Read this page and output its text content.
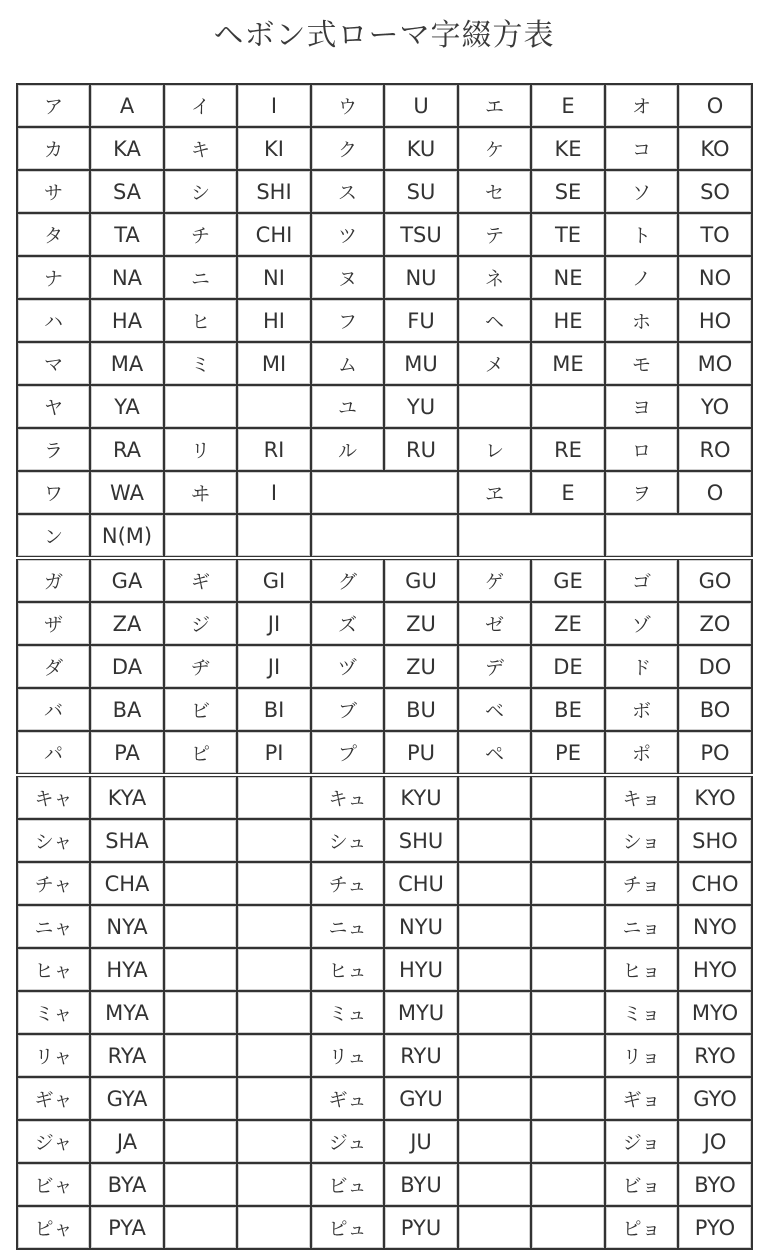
ヘボン式ローマ字綴方表
ア	A	イ	I	ウ	U	エ	E	オ	O
カ	KA	キ	KI	ク	KU	ケ	KE	コ	KO
サ	SA	シ	SHI	ス	SU	セ	SE	ソ	SO
タ	TA	チ	CHI	ツ	TSU	テ	TE	ト	TO
ナ	NA	ニ	NI	ヌ	NU	ネ	NE	ノ	NO
ハ	HA	ヒ	HI	フ	FU	ヘ	HE	ホ	HO
マ	MA	ミ	MI	ム	MU	メ	ME	モ	MO
ヤ	YA			ユ	YU			ヨ	YO
ラ	RA	リ	RI	ル	RU	レ	RE	ロ	RO
ワ	WA	ヰ	I			ヱ	E	ヲ	O
ン	N(M)								
ガ	GA	ギ	GI	グ	GU	ゲ	GE	ゴ	GO
ザ	ZA	ジ	JI	ズ	ZU	ゼ	ZE	ゾ	ZO
ダ	DA	ヂ	JI	ヅ	ZU	デ	DE	ド	DO
バ	BA	ビ	BI	ブ	BU	ベ	BE	ボ	BO
パ	PA	ピ	PI	プ	PU	ペ	PE	ポ	PO
キャ	KYA			キュ	KYU			キョ	KYO
シャ	SHA			シュ	SHU			ショ	SHO
チャ	CHA			チュ	CHU			チョ	CHO
ニャ	NYA			ニュ	NYU			ニョ	NYO
ヒャ	HYA			ヒュ	HYU			ヒョ	HYO
ミャ	MYA			ミュ	MYU			ミョ	MYO
リャ	RYA			リュ	RYU			リョ	RYO
ギャ	GYA			ギュ	GYU			ギョ	GYO
ジャ	JA			ジュ	JU			ジョ	JO
ビャ	BYA			ビュ	BYU			ビョ	BYO
ピャ	PYA			ピュ	PYU			ピョ	PYO
